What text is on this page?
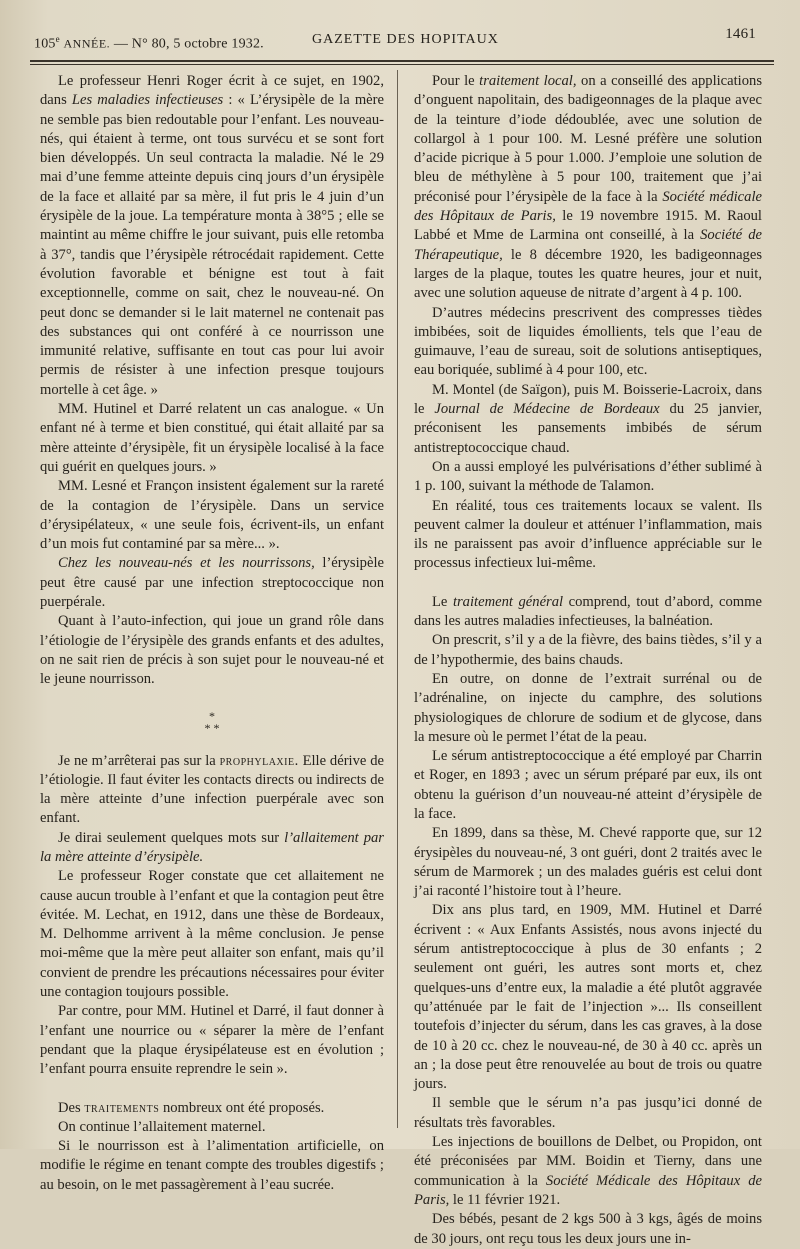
105e ANNÉE. — N° 80, 5 octobre 1932.	GAZETTE DES HOPITAUX	1461

Le professeur Henri Roger écrit à ce sujet, en 1902, dans Les maladies infectieuses : « L’érysipèle de la mère ne semble pas bien redoutable pour l’enfant. Les nouveau-nés, qui étaient à terme, ont tous survécu et se sont fort bien développés. Un seul contracta la maladie. Né le 29 mai d’une femme atteinte depuis cinq jours d’un érysipèle de la face et allaité par sa mère, il fut pris le 4 juin d’un érysipèle de la joue. La température monta à 38°5 ; elle se maintint au même chiffre le jour suivant, puis elle retomba à 37°, tandis que l’érysipèle rétrocédait rapidement. Cette évolution favorable et bénigne est tout à fait exceptionnelle, comme on sait, chez le nouveau-né. On peut donc se demander si le lait maternel ne contenait pas des substances qui ont conféré à ce nourrisson une immunité relative, suffisante en tout cas pour lui avoir permis de résister à une infection presque toujours mortelle à cet âge. »

MM. Hutinel et Darré relatent un cas analogue. « Un enfant né à terme et bien constitué, qui était allaité par sa mère atteinte d’érysipèle, fit un érysipèle localisé à la face qui guérit en quelques jours. »

MM. Lesné et Françon insistent également sur la rareté de la contagion de l’érysipèle. Dans un service d’érysipélateux, « une seule fois, écrivent-ils, un enfant d’un mois fut contaminé par sa mère... ».

Chez les nouveau-nés et les nourrissons, l’érysipèle peut être causé par une infection streptococcique non puerpérale.

Quant à l’auto-infection, qui joue un grand rôle dans l’étiologie de l’érysipèle des grands enfants et des adultes, on ne sait rien de précis à son sujet pour le nouveau-né et le jeune nourrisson.

*
* *

Je ne m’arrêterai pas sur la prophylaxie. Elle dérive de l’étiologie. Il faut éviter les contacts directs ou indirects de la mère atteinte d’une infection puerpérale avec son enfant.

Je dirai seulement quelques mots sur l’allaitement par la mère atteinte d’érysipèle.

Le professeur Roger constate que cet allaitement ne cause aucun trouble à l’enfant et que la contagion peut être évitée. M. Lechat, en 1912, dans une thèse de Bordeaux, M. Delhomme arrivent à la même conclusion. Je pense moi-même que la mère peut allaiter son enfant, mais qu’il convient de prendre les précautions nécessaires pour éviter une contagion toujours possible.

Par contre, pour MM. Hutinel et Darré, il faut donner à l’enfant une nourrice ou « séparer la mère de l’enfant pendant que la plaque érysipélateuse est en évolution ; l’enfant pourra ensuite reprendre le sein ».

Des traitements nombreux ont été proposés.

On continue l’allaitement maternel.

Si le nourrisson est à l’alimentation artificielle, on modifie le régime en tenant compte des troubles digestifs ; au besoin, on le met passagèrement à l’eau sucrée.

Pour le traitement local, on a conseillé des applications d’onguent napolitain, des badigeonnages de la plaque avec de la teinture d’iode dédoublée, avec une solution de collargol à 1 pour 100. M. Lesné préfère une solution d’acide picrique à 5 pour 1.000. J’emploie une solution de bleu de méthylène à 5 pour 100, traitement que j’ai préconisé pour l’érysipèle de la face à la Société médicale des Hôpitaux de Paris, le 19 novembre 1915. M. Raoul Labbé et Mme de Larmina ont conseillé, à la Société de Thérapeutique, le 8 décembre 1920, les badigeonnages larges de la plaque, toutes les quatre heures, jour et nuit, avec une solution aqueuse de nitrate d’argent à 4 p. 100.

D’autres médecins prescrivent des compresses tièdes imbibées, soit de liquides émollients, tels que l’eau de guimauve, l’eau de sureau, soit de solutions antiseptiques, eau boriquée, sublimé à 4 pour 100, etc.

M. Montel (de Saïgon), puis M. Boisserie-Lacroix, dans le Journal de Médecine de Bordeaux du 25 janvier, préconisent les pansements imbibés de sérum antistreptococcique chaud.

On a aussi employé les pulvérisations d’éther sublimé à 1 p. 100, suivant la méthode de Talamon.

En réalité, tous ces traitements locaux se valent. Ils peuvent calmer la douleur et atténuer l’inflammation, mais ils ne paraissent pas avoir d’influence appréciable sur le processus infectieux lui-même.

Le traitement général comprend, tout d’abord, comme dans les autres maladies infectieuses, la balnéation.

On prescrit, s’il y a de la fièvre, des bains tièdes, s’il y a de l’hypothermie, des bains chauds.

En outre, on donne de l’extrait surrénal ou de l’adrénaline, on injecte du camphre, des solutions physiologiques de chlorure de sodium et de glycose, dans la mesure où le permet l’état de la peau.

Le sérum antistreptococcique a été employé par Charrin et Roger, en 1893 ; avec un sérum préparé par eux, ils ont obtenu la guérison d’un nouveau-né atteint d’érysipèle de la face.

En 1899, dans sa thèse, M. Chevé rapporte que, sur 12 érysipèles du nouveau-né, 3 ont guéri, dont 2 traités avec le sérum de Marmorek ; un des malades guéris est celui dont j’ai raconté l’histoire tout à l’heure.

Dix ans plus tard, en 1909, MM. Hutinel et Darré écrivent : « Aux Enfants Assistés, nous avons injecté du sérum antistreptococcique à plus de 30 enfants ; 2 seulement ont guéri, les autres sont morts et, chez quelques-uns d’entre eux, la maladie a été plutôt aggravée qu’atténuée par le fait de l’injection »... Ils conseillent toutefois d’injecter du sérum, dans les cas graves, à la dose de 10 à 20 cc. chez le nouveau-né, de 30 à 40 cc. après un an ; la dose peut être renouvelée au bout de trois ou quatre jours.

Il semble que le sérum n’a pas jusqu’ici donné de résultats très favorables.

Les injections de bouillons de Delbet, ou Propidon, ont été préconisées par MM. Boidin et Tierny, dans une communication à la Société Médicale des Hôpitaux de Paris, le 11 février 1921.

Des bébés, pesant de 2 kgs 500 à 3 kgs, âgés de moins de 30 jours, ont reçu tous les deux jours une in-
